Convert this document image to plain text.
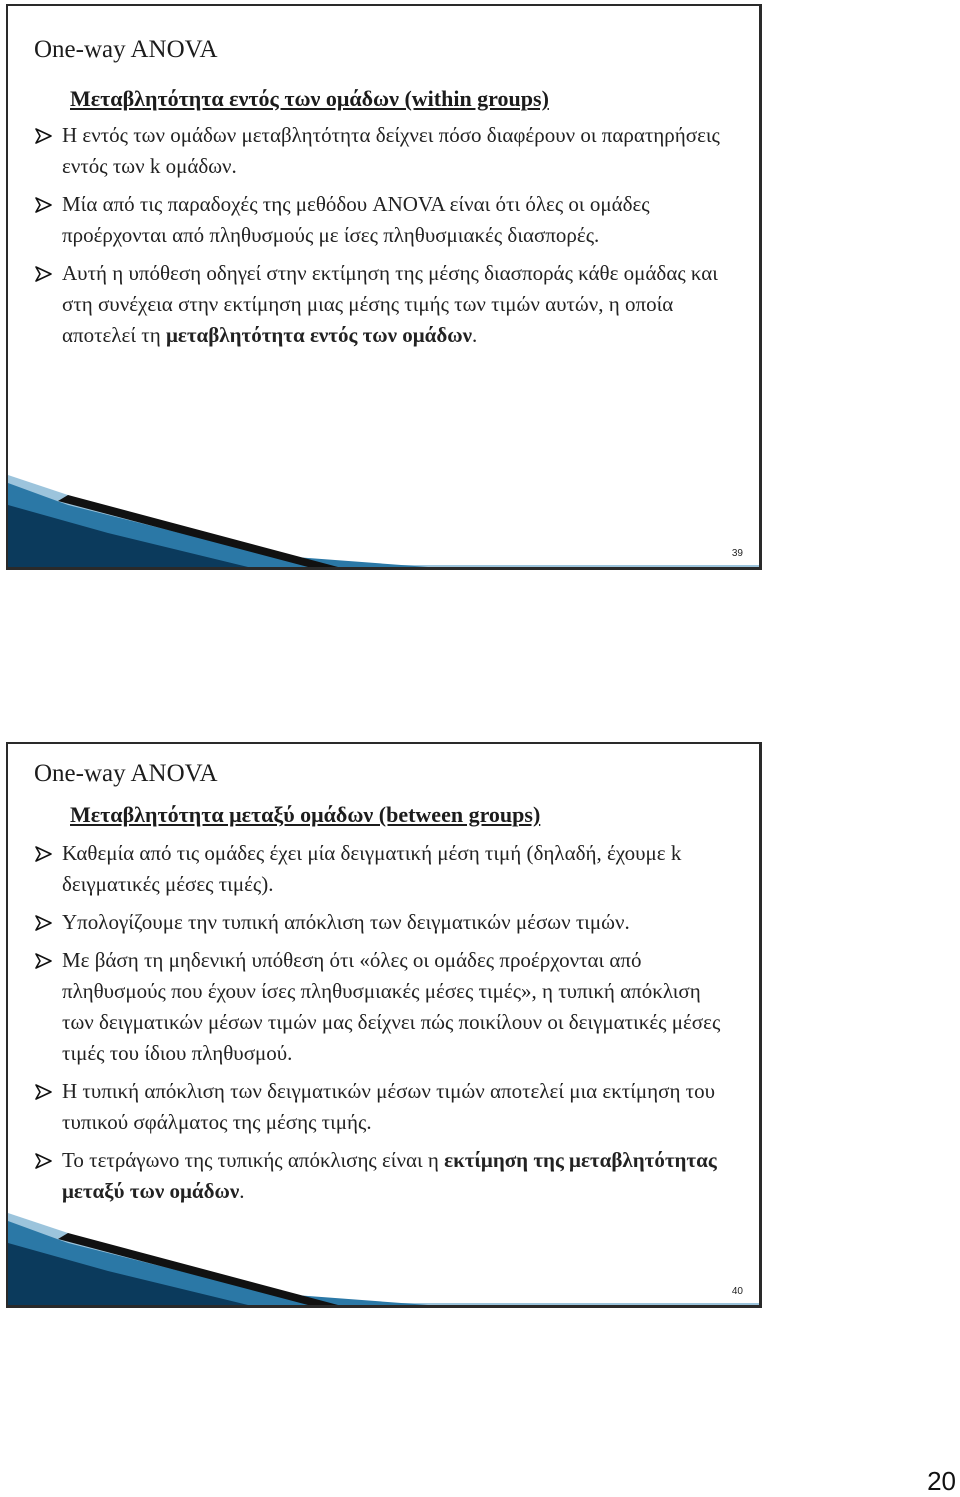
One-way ANOVA
Μεταβλητότητα εντός των ομάδων (within groups)
Η εντός των ομάδων μεταβλητότητα δείχνει πόσο διαφέρουν οι παρατηρήσεις εντός των k ομάδων.
Μία από τις παραδοχές της μεθόδου ANOVA είναι ότι όλες οι ομάδες προέρχονται από πληθυσμούς με ίσες πληθυσμιακές διασπορές.
Αυτή η υπόθεση οδηγεί στην εκτίμηση της μέσης διασποράς κάθε ομάδας και στη συνέχεια στην εκτίμηση μιας μέσης τιμής των τιμών αυτών, η οποία αποτελεί τη μεταβλητότητα εντός των ομάδων.
39
One-way ANOVA
Μεταβλητότητα μεταξύ ομάδων (between groups)
Καθεμία από τις ομάδες έχει μία δειγματική μέση τιμή (δηλαδή, έχουμε k δειγματικές μέσες τιμές).
Υπολογίζουμε την τυπική απόκλιση των δειγματικών μέσων τιμών.
Με βάση τη μηδενική υπόθεση ότι «όλες οι ομάδες προέρχονται από πληθυσμούς που έχουν ίσες πληθυσμιακές μέσες τιμές», η τυπική απόκλιση των δειγματικών μέσων τιμών μας δείχνει πώς ποικίλουν οι δειγματικές μέσες τιμές του ίδιου πληθυσμού.
Η τυπική απόκλιση των δειγματικών μέσων τιμών αποτελεί μια εκτίμηση του τυπικού σφάλματος της μέσης τιμής.
Το τετράγωνο της τυπικής απόκλισης είναι η εκτίμηση της μεταβλητότητας μεταξύ των ομάδων.
40
20
